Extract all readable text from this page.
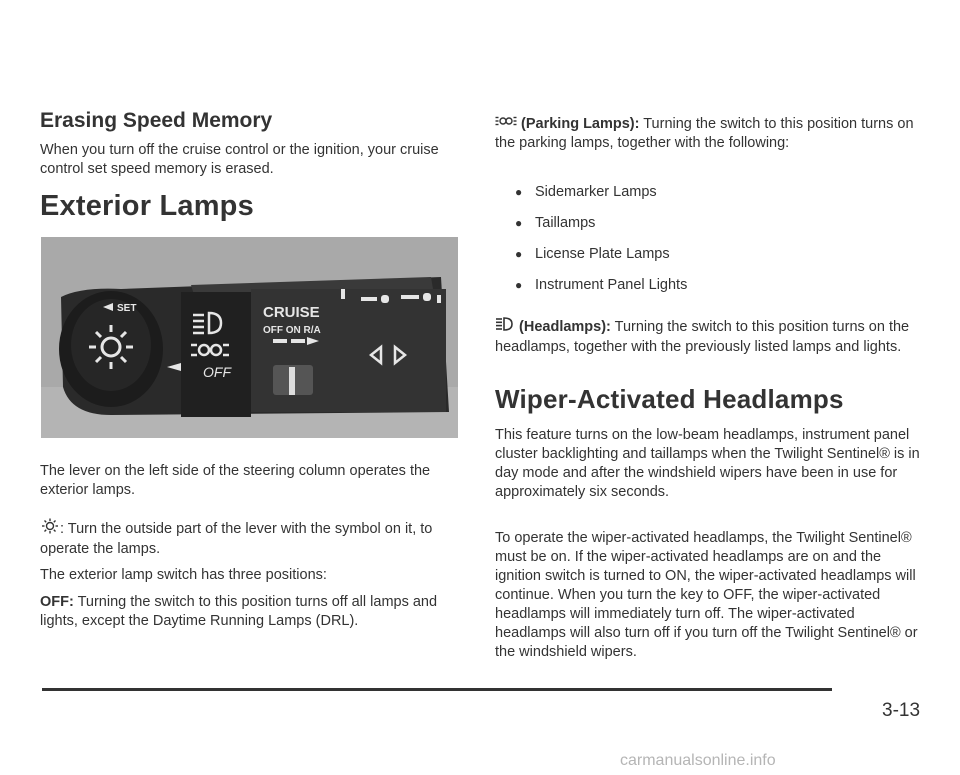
Erasing Speed Memory

When you turn off the cruise control or the ignition, your cruise control set speed memory is erased.

Exterior Lamps
SET
OFF
CRUISE
OFF ON R/A

The lever on the left side of the steering column operates the exterior lamps.

: Turn the outside part of the lever with the symbol on it, to operate the lamps.

The exterior lamp switch has three positions:

OFF: Turning the switch to this position turns off all lamps and lights, except the Daytime Running Lamps (DRL).

(Parking Lamps): Turning the switch to this position turns on the parking lamps, together with the following:

● Sidemarker Lamps
● Taillamps
● License Plate Lamps
● Instrument Panel Lights

(Headlamps): Turning the switch to this position turns on the headlamps, together with the previously listed lamps and lights.

Wiper-Activated Headlamps

This feature turns on the low-beam headlamps, instrument panel cluster backlighting and taillamps when the Twilight Sentinel® is in day mode and after the windshield wipers have been in use for approximately six seconds.

To operate the wiper-activated headlamps, the Twilight Sentinel® must be on. If the wiper-activated headlamps are on and the ignition switch is turned to ON, the wiper-activated headlamps will continue. When you turn the key to OFF, the wiper-activated headlamps will immediately turn off. The wiper-activated headlamps will also turn off if you turn off the Twilight Sentinel® or the windshield wipers.

3-13
carmanualsonline.info
